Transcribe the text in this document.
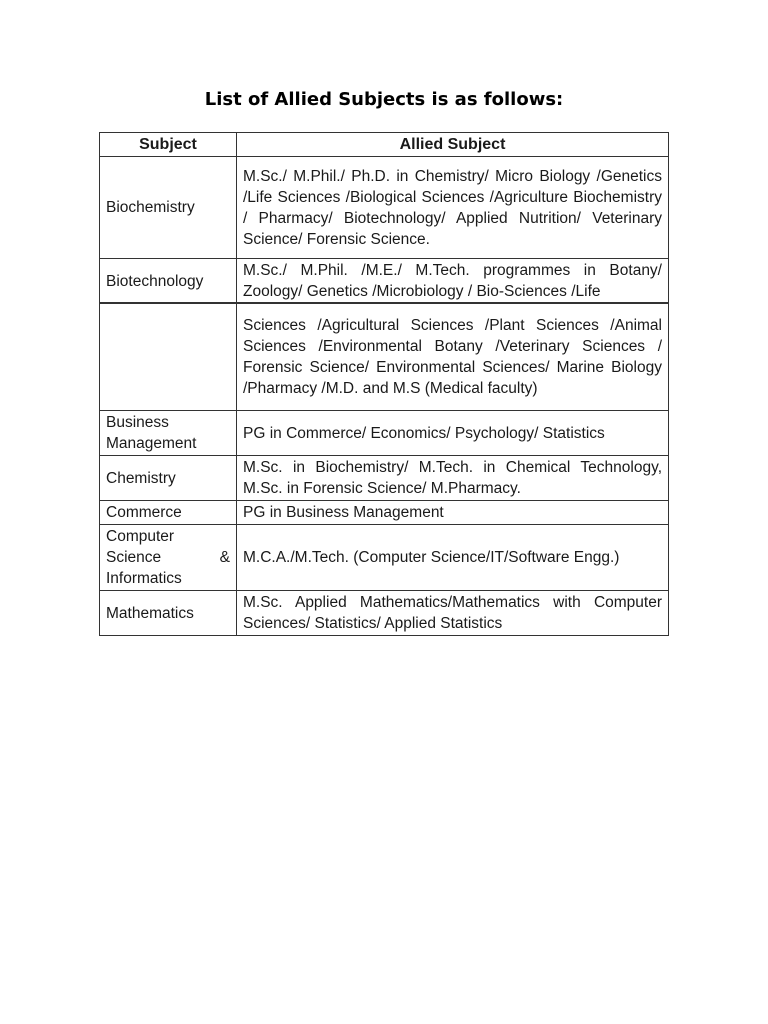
List of Allied Subjects is as follows:
Subject	Allied Subject
Biochemistry	M.Sc./ M.Phil./ Ph.D. in Chemistry/ Micro Biology /Genetics /Life Sciences /Biological Sciences /Agriculture Biochemistry / Pharmacy/ Biotechnology/ Applied Nutrition/ Veterinary Science/ Forensic Science.
Biotechnology	M.Sc./ M.Phil. /M.E./ M.Tech. programmes in Botany/ Zoology/ Genetics /Microbiology / Bio-Sciences /Life
	Sciences /Agricultural Sciences /Plant Sciences /Animal Sciences /Environmental Botany /Veterinary Sciences / Forensic Science/ Environmental Sciences/ Marine Biology /Pharmacy /M.D. and M.S (Medical faculty)
Business Management	PG in Commerce/ Economics/ Psychology/ Statistics
Chemistry	M.Sc. in Biochemistry/ M.Tech. in Chemical Technology, M.Sc. in Forensic Science/ M.Pharmacy.
Commerce	PG in Business Management
Computer Science & Informatics	M.C.A./M.Tech. (Computer Science/IT/Software Engg.)
Mathematics	M.Sc. Applied Mathematics/Mathematics with Computer Sciences/ Statistics/ Applied Statistics
